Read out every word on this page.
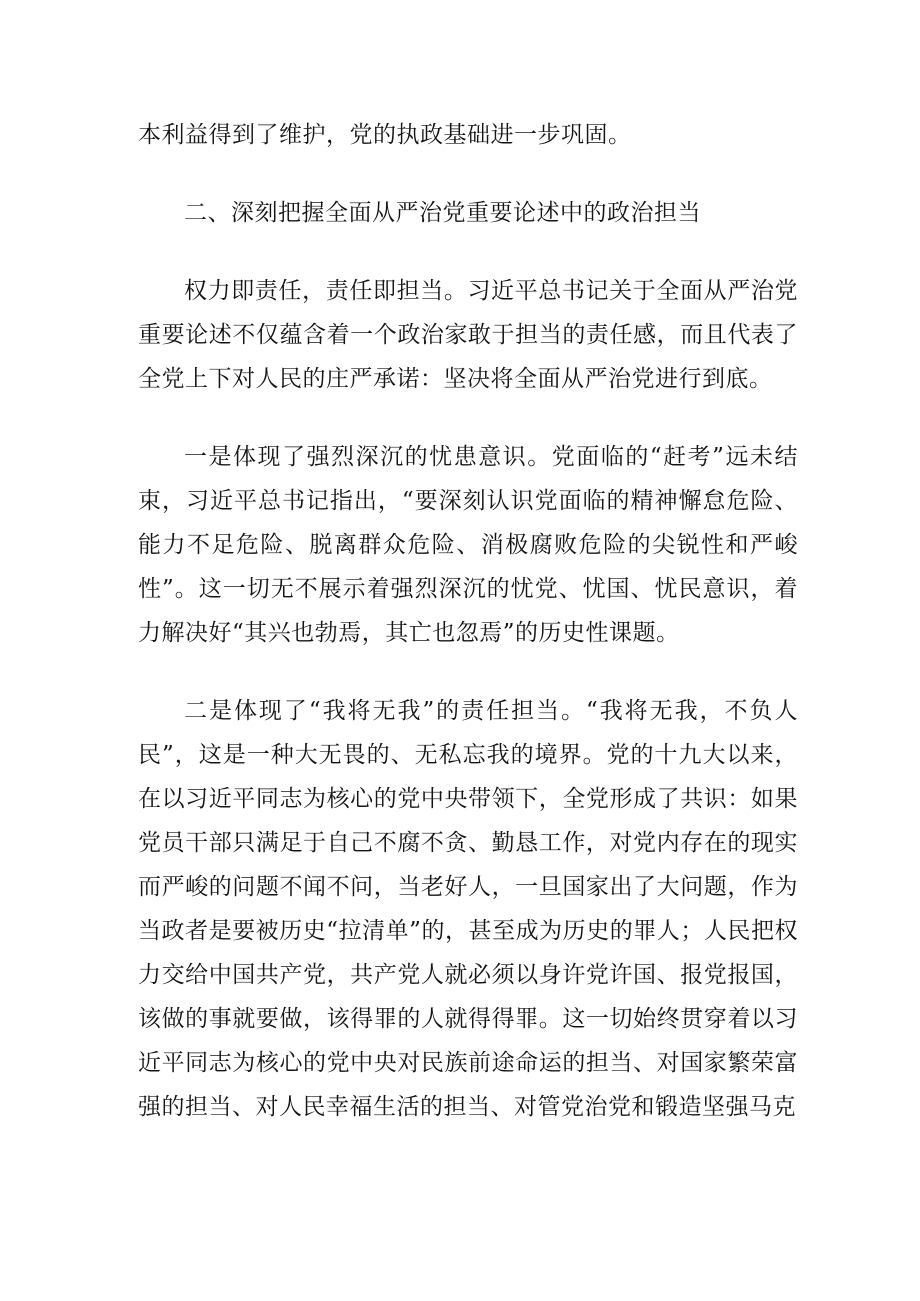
本利益得到了维护，党的执政基础进一步巩固。

二、深刻把握全面从严治党重要论述中的政治担当

权力即责任，责任即担当。习近平总书记关于全面从严治党重要论述不仅蕴含着一个政治家敢于担当的责任感，而且代表了全党上下对人民的庄严承诺：坚决将全面从严治党进行到底。

一是体现了强烈深沉的忧患意识。党面临的“赶考”远未结束，习近平总书记指出，“要深刻认识党面临的精神懈怠危险、能力不足危险、脱离群众危险、消极腐败危险的尖锐性和严峻性”。这一切无不展示着强烈深沉的忧党、忧国、忧民意识，着力解决好“其兴也勃焉，其亡也忽焉”的历史性课题。

二是体现了“我将无我”的责任担当。“我将无我，不负人民”，这是一种大无畏的、无私忘我的境界。党的十九大以来，在以习近平同志为核心的党中央带领下，全党形成了共识：如果党员干部只满足于自己不腐不贪、勤恳工作，对党内存在的现实而严峻的问题不闻不问，当老好人，一旦国家出了大问题，作为当政者是要被历史“拉清单”的，甚至成为历史的罪人；人民把权力交给中国共产党，共产党人就必须以身许党许国、报党报国，该做的事就要做，该得罪的人就得得罪。这一切始终贯穿着以习近平同志为核心的党中央对民族前途命运的担当、对国家繁荣富强的担当、对人民幸福生活的担当、对管党治党和锻造坚强马克
